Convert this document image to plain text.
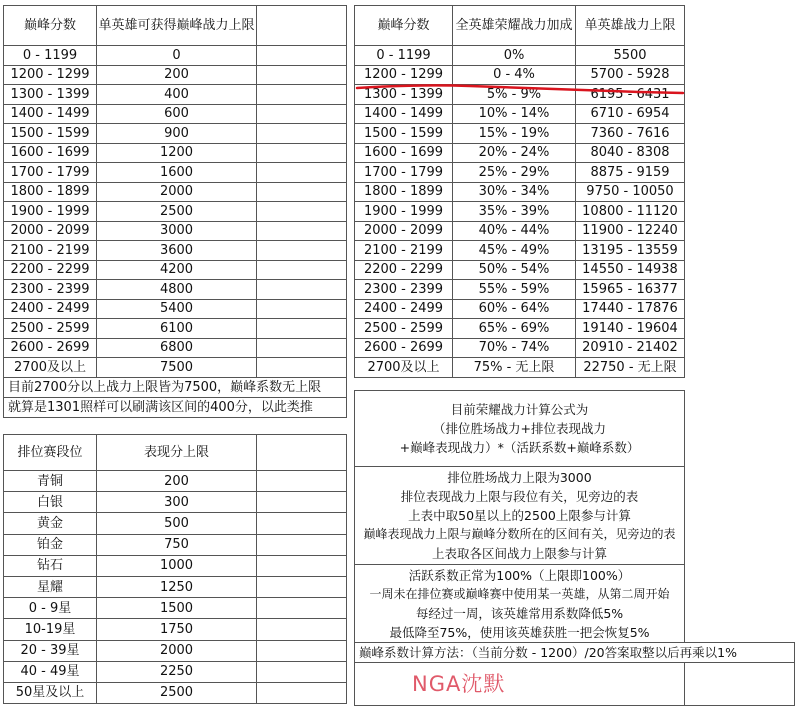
巅峰分数	单英雄可获得巅峰战力上限	
0 - 1199	0	
1200 - 1299	200	
1300 - 1399	400	
1400 - 1499	600	
1500 - 1599	900	
1600 - 1699	1200	
1700 - 1799	1600	
1800 - 1899	2000	
1900 - 1999	2500	
2000 - 2099	3000	
2100 - 2199	3600	
2200 - 2299	4200	
2300 - 2399	4800	
2400 - 2499	5400	
2500 - 2599	6100	
2600 - 2699	6800	
2700及以上	7500	
目前2700分以上战力上限皆为7500，巅峰系数无上限		
就算是1301照样可以刷满该区间的400分，以此类推		
巅峰分数	全英雄荣耀战力加成	单英雄战力上限
0 - 1199	0%	5500
1200 - 1299	0 - 4%	5700 - 5928
1300 - 1399	5% - 9%	6195 - 6431
1400 - 1499	10% - 14%	6710 - 6954
1500 - 1599	15% - 19%	7360 - 7616
1600 - 1699	20% - 24%	8040 - 8308
1700 - 1799	25% - 29%	8875 - 9159
1800 - 1899	30% - 34%	9750 - 10050
1900 - 1999	35% - 39%	10800 - 11120
2000 - 2099	40% - 44%	11900 - 12240
2100 - 2199	45% - 49%	13195 - 13559
2200 - 2299	50% - 54%	14550 - 14938
2300 - 2399	55% - 59%	15965 - 16377
2400 - 2499	60% - 64%	17440 - 17876
2500 - 2599	65% - 69%	19140 - 19604
2600 - 2699	70% - 74%	20910 - 21402
2700及以上	75% - 无上限	22750 - 无上限
目前荣耀战力计算公式为
（排位胜场战力+排位表现战力
+巅峰表现战力）*（活跃系数+巅峰系数）

排位胜场战力上限为3000
排位表现战力上限与段位有关，见旁边的表
上表中取50星以上的2500上限参与计算
巅峰表现战力上限与巅峰分数所在的区间有关，见旁边的表
上表取各区间战力上限参与计算

活跃系数正常为100%（上限即100%）
一周未在排位赛或巅峰赛中使用某一英雄，从第二周开始
每经过一周，该英雄常用系数降低5%
最低降至75%，使用该英雄获胜一把会恢复5%
巅峰系数计算方法：（当前分数 - 1200）/20答案取整以后再乘以1%

排位赛段位	表现分上限	
青铜	200	
白银	300	
黄金	500	
铂金	750	
钻石	1000	
星耀	1250	
0 - 9星	1500	
10-19星	1750	
20 - 39星	2000	
40 - 49星	2250	
50星及以上	2500		NGA沈默
